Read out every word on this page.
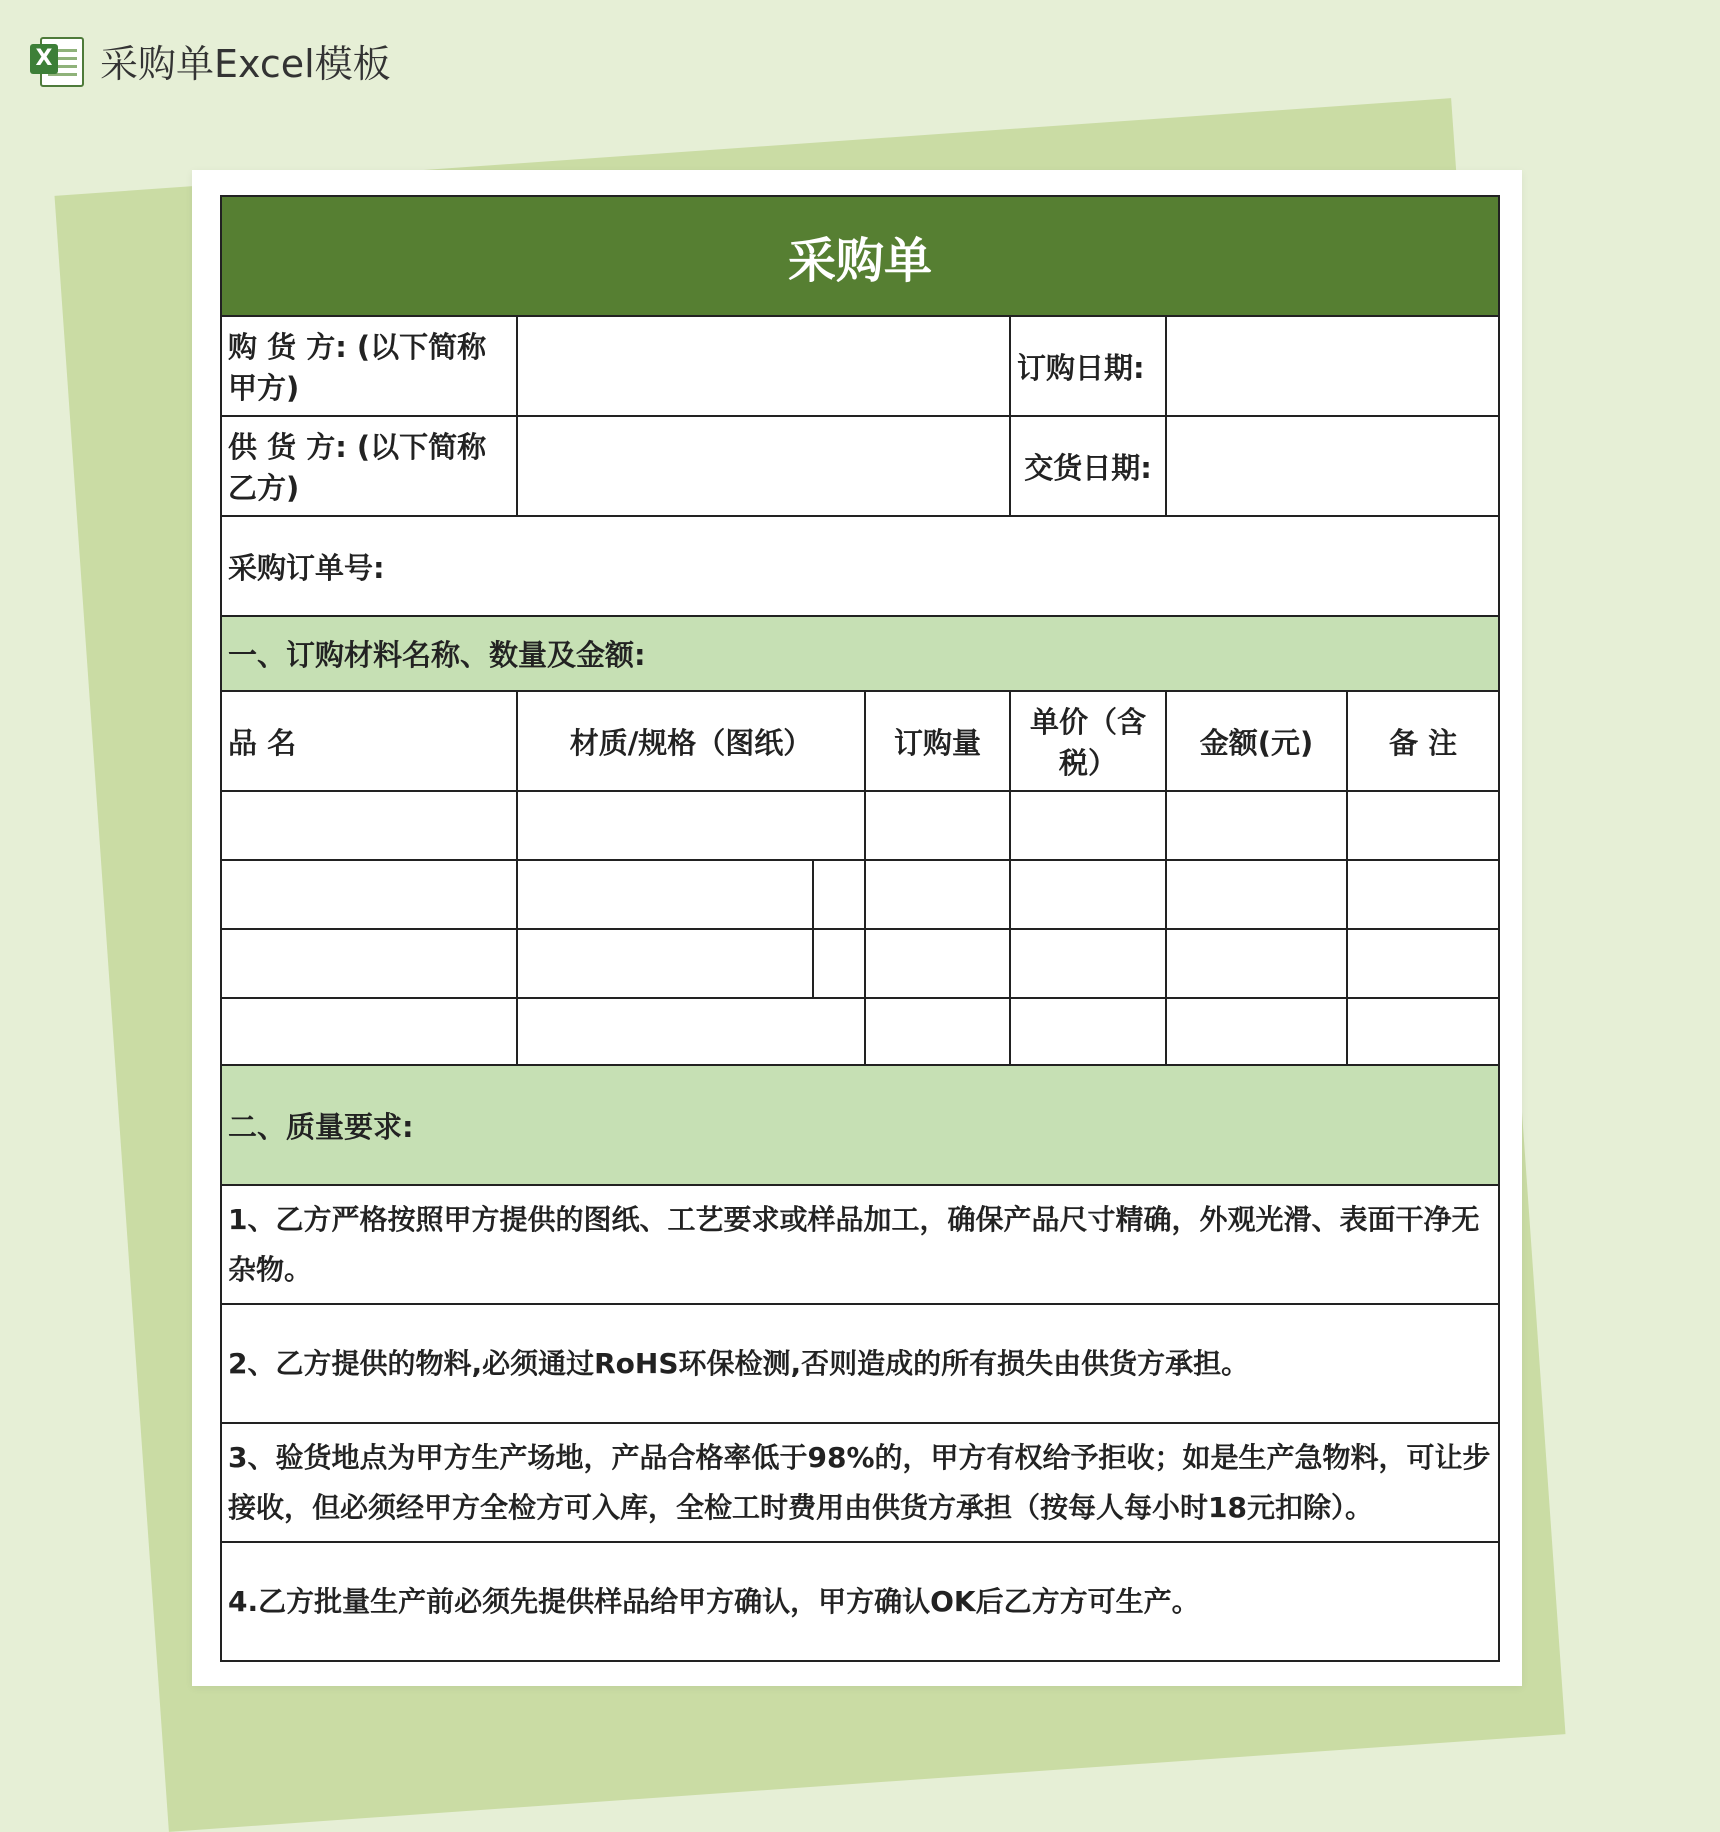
X 采购单Excel模板
采购单						
购 货 方: (以下简称甲方)				订购日期:		
供 货 方: (以下简称乙方)				交货日期:		
采购订单号:						
一、订购材料名称、数量及金额:						
品 名	材质/规格（图纸）		订购量	单价（含税）	金额(元)	备 注

二、质量要求:						
1、乙方严格按照甲方提供的图纸、工艺要求或样品加工，确保产品尺寸精确，外观光滑、表面干净无杂物。						
2、乙方提供的物料,必须通过RoHS环保检测,否则造成的所有损失由供货方承担。						
3、验货地点为甲方生产场地，产品合格率低于98%的，甲方有权给予拒收；如是生产急物料，可让步接收，但必须经甲方全检方可入库，全检工时费用由供货方承担（按每人每小时18元扣除）。						
4.乙方批量生产前必须先提供样品给甲方确认，甲方确认OK后乙方方可生产。						
